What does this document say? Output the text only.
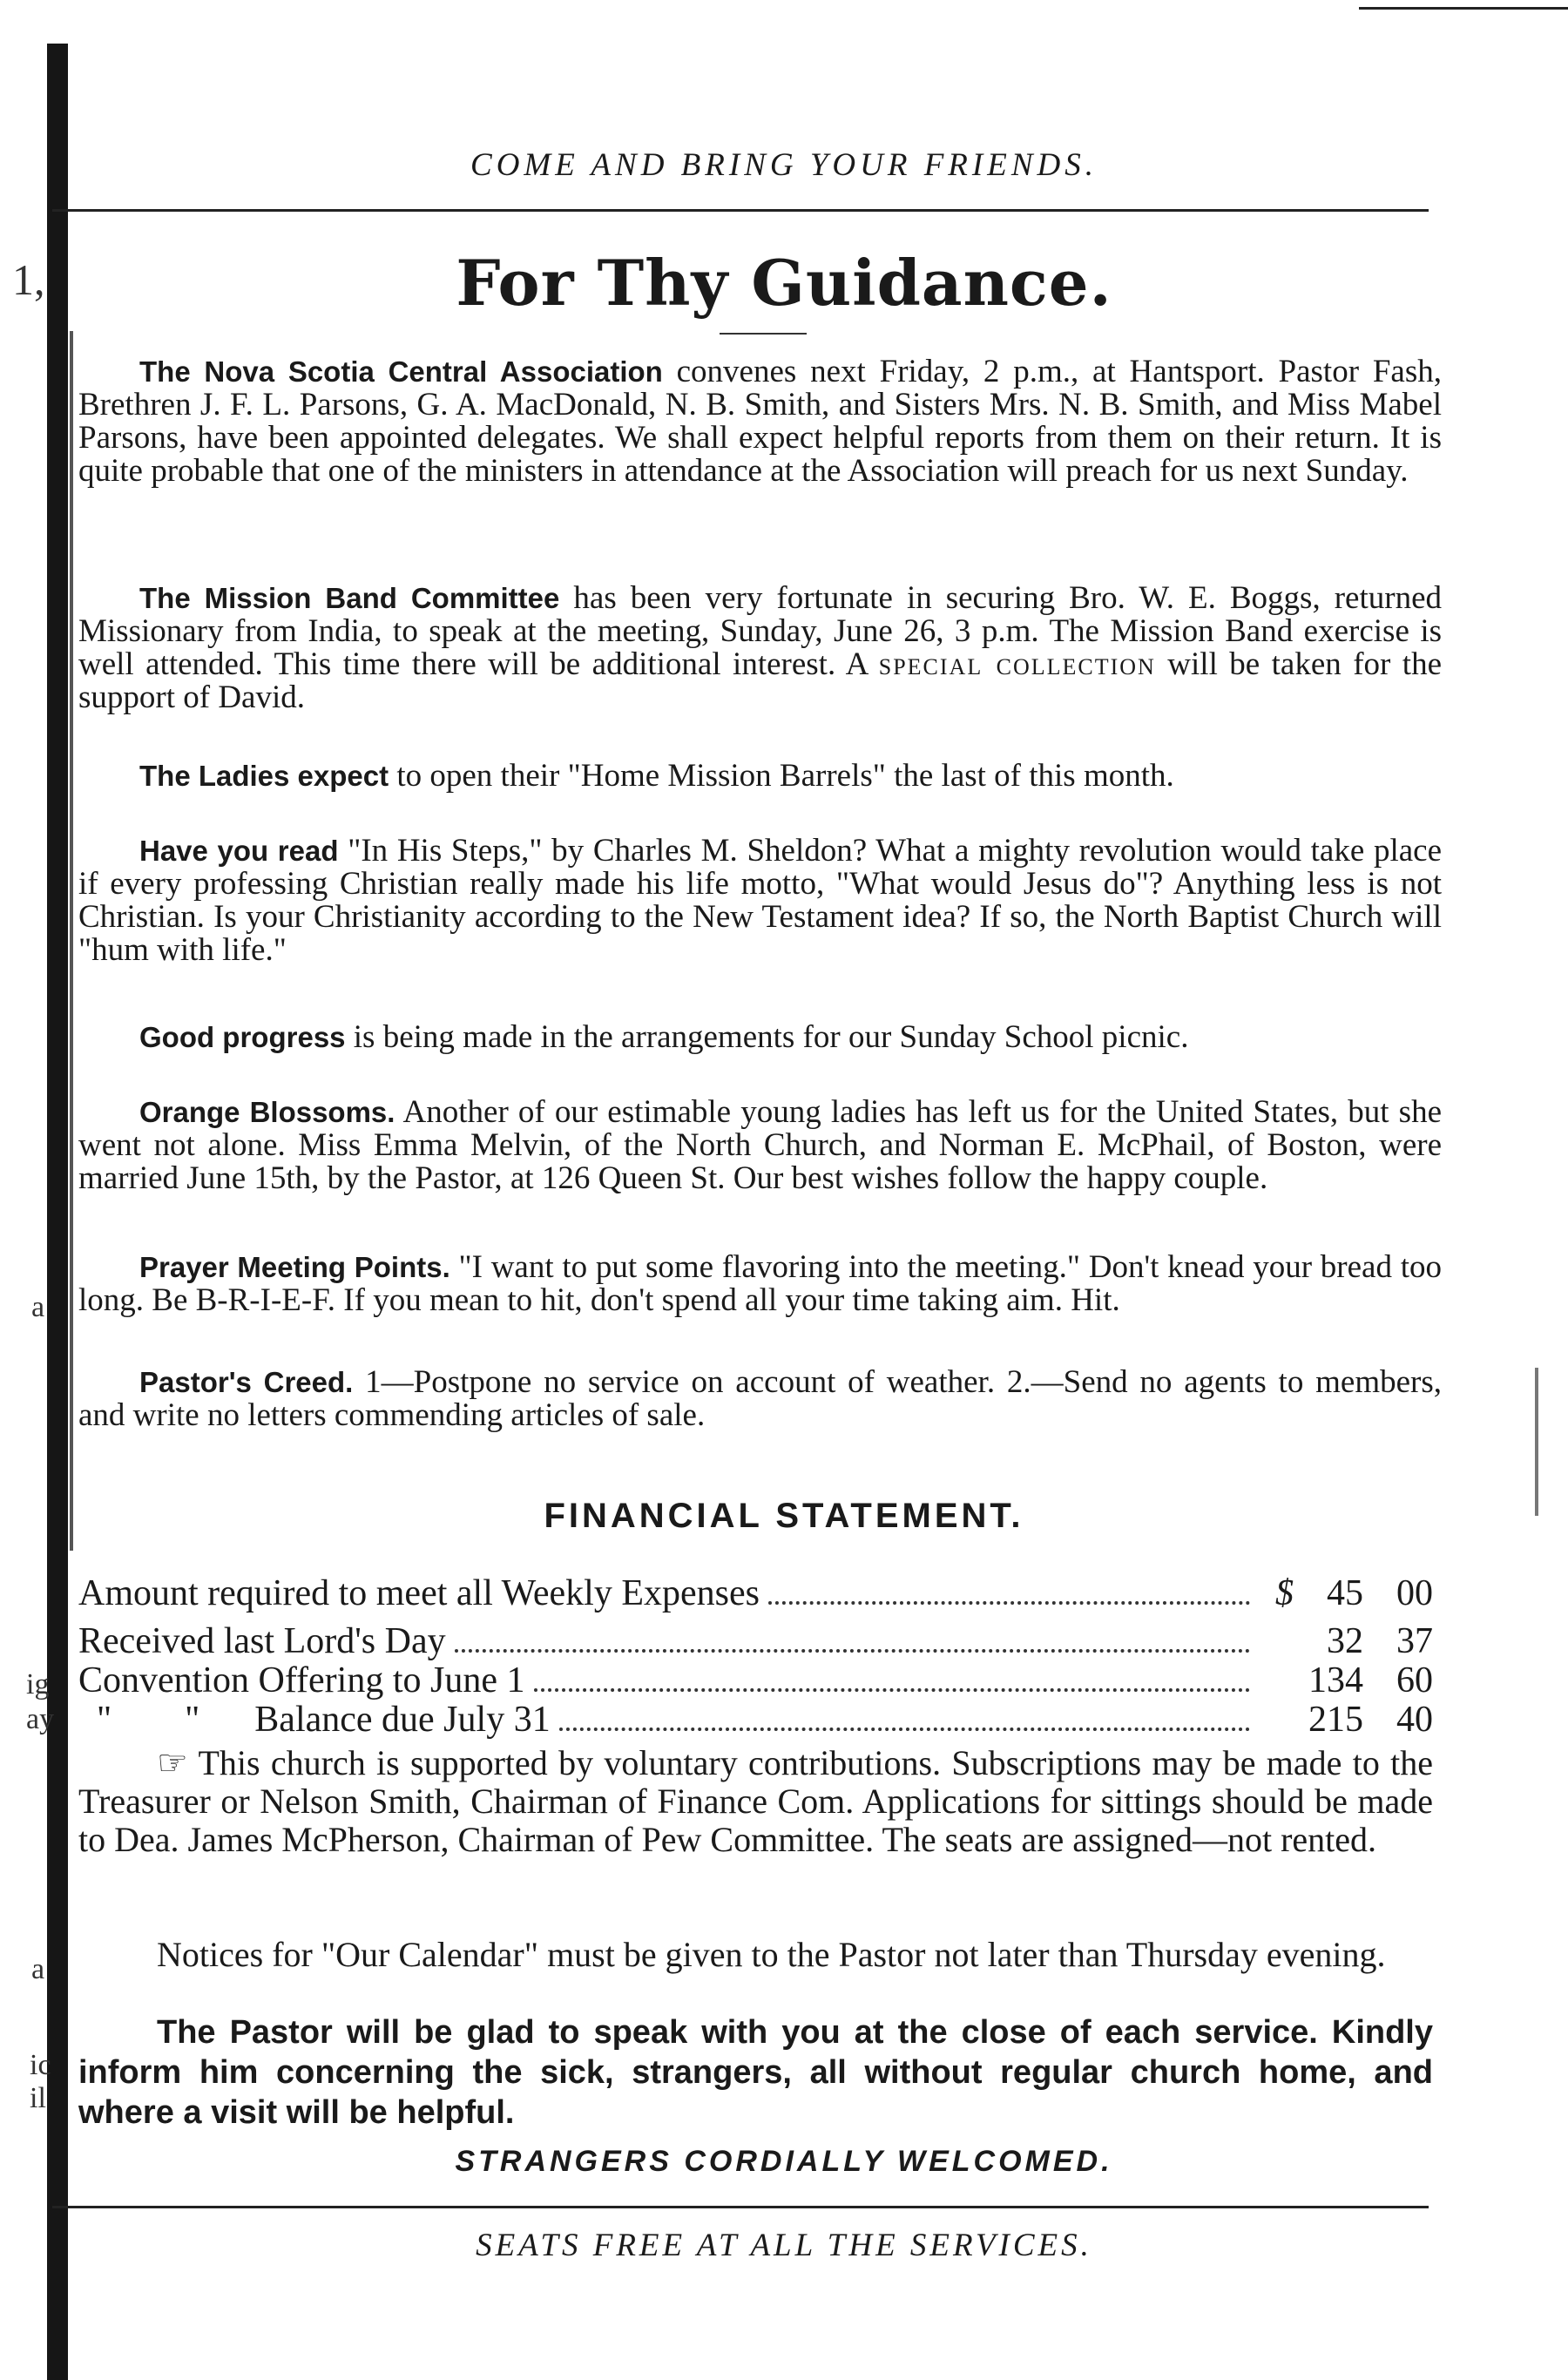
1,
a
ig
ay
a
ic
il
COME AND BRING YOUR FRIENDS.
For Thy Guidance.
The Nova Scotia Central Association convenes next Friday, 2 p.m., at Hantsport. Pastor Fash, Brethren J. F. L. Parsons, G. A. MacDonald, N. B. Smith, and Sisters Mrs. N. B. Smith, and Miss Mabel Parsons, have been appointed delegates. We shall expect helpful reports from them on their return. It is quite probable that one of the ministers in attendance at the Association will preach for us next Sunday.
The Mission Band Committee has been very fortunate in securing Bro. W. E. Boggs, returned Missionary from India, to speak at the meeting, Sunday, June 26, 3 p.m. The Mission Band exercise is well attended. This time there will be additional interest. A special collection will be taken for the support of David.
The Ladies expect to open their "Home Mission Barrels" the last of this month.
Have you read "In His Steps," by Charles M. Sheldon? What a mighty revolution would take place if every professing Christian really made his life motto, "What would Jesus do"? Anything less is not Christian. Is your Christianity according to the New Testament idea? If so, the North Baptist Church will "hum with life."
Good progress is being made in the arrangements for our Sunday School picnic.
Orange Blossoms. Another of our estimable young ladies has left us for the United States, but she went not alone. Miss Emma Melvin, of the North Church, and Norman E. McPhail, of Boston, were married June 15th, by the Pastor, at 126 Queen St. Our best wishes follow the happy couple.
Prayer Meeting Points. "I want to put some flavoring into the meeting." Don't knead your bread too long. Be B-R-I-E-F. If you mean to hit, don't spend all your time taking aim. Hit.
Pastor's Creed. 1—Postpone no service on account of weather. 2.—Send no agents to members, and write no letters commending articles of sale.
FINANCIAL STATEMENT.
Amount required to meet all Weekly Expenses	$ 45 00
Received last Lord's Day	32 37
Convention Offering to June 1	134 60
"        "      Balance due July 31	215 40
☞ This church is supported by voluntary contributions. Subscriptions may be made to the Treasurer or Nelson Smith, Chairman of Finance Com. Applications for sittings should be made to Dea. James McPherson, Chairman of Pew Committee. The seats are assigned—not rented.
Notices for "Our Calendar" must be given to the Pastor not later than Thursday evening.
The Pastor will be glad to speak with you at the close of each service. Kindly inform him concerning the sick, strangers, all without regular church home, and where a visit will be helpful.
STRANGERS CORDIALLY WELCOMED.
SEATS FREE AT ALL THE SERVICES.
